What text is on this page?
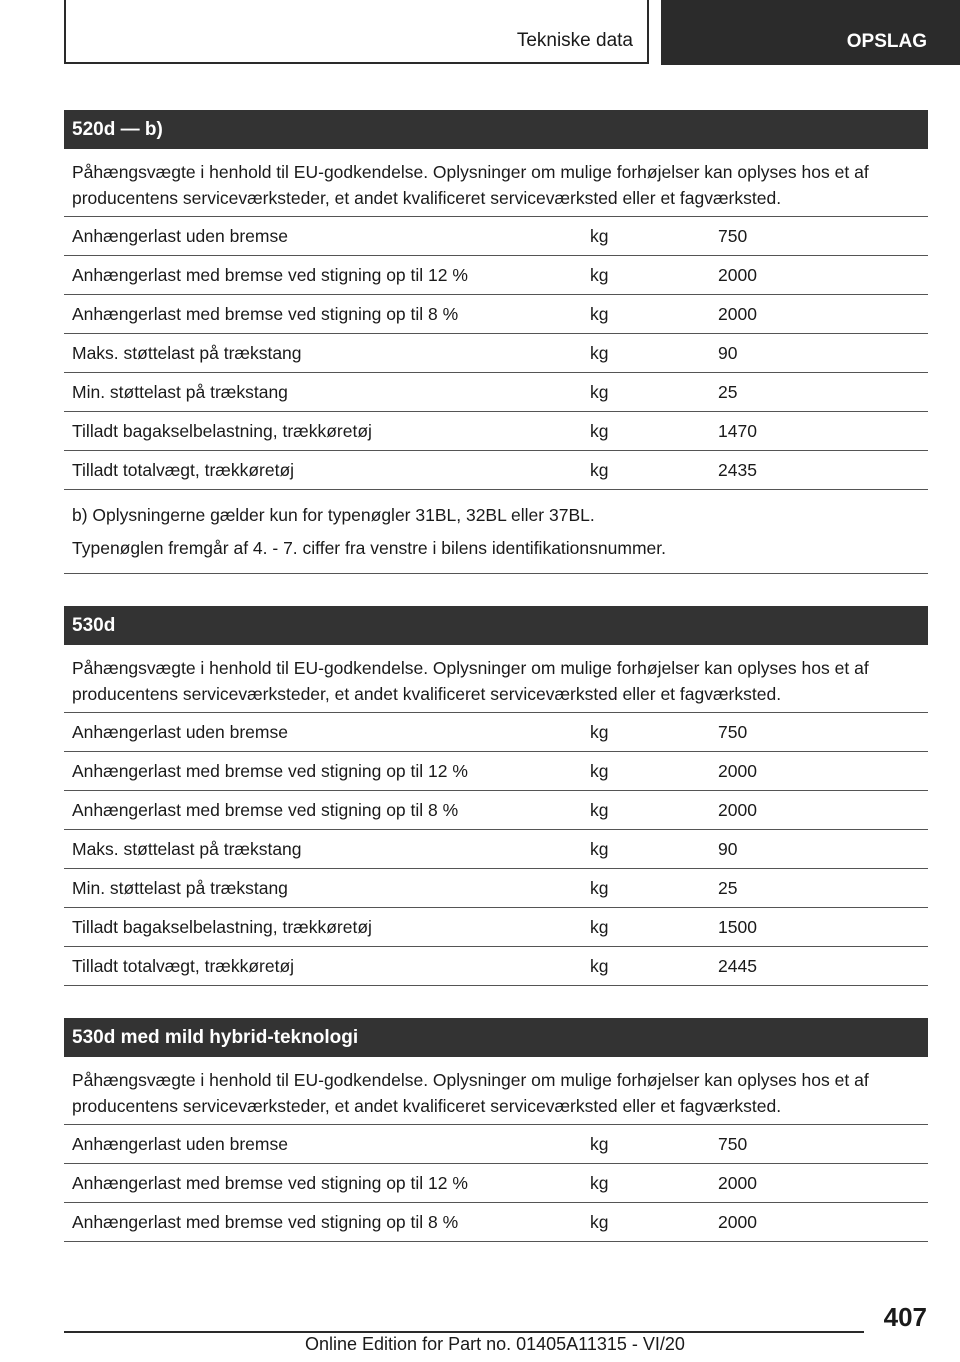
Tekniske data	OPSLAG
520d — b)
Påhængsvægte i henhold til EU-godkendelse. Oplysninger om mulige forhøjelser kan oplyses hos et af producentens serviceværksteder, et andet kvalificeret serviceværksted eller et fagværksted.
Anhængerlast uden bremse	kg	750
Anhængerlast med bremse ved stigning op til 12 %	kg	2000
Anhængerlast med bremse ved stigning op til 8 %	kg	2000
Maks. støttelast på trækstang	kg	90
Min. støttelast på trækstang	kg	25
Tilladt bagakselbelastning, trækkøretøj	kg	1470
Tilladt totalvægt, trækkøretøj	kg	2435
b) Oplysningerne gælder kun for typenøgler 31BL, 32BL eller 37BL.
Typenøglen fremgår af 4. - 7. ciffer fra venstre i bilens identifikationsnummer.
530d
Påhængsvægte i henhold til EU-godkendelse. Oplysninger om mulige forhøjelser kan oplyses hos et af producentens serviceværksteder, et andet kvalificeret serviceværksted eller et fagværksted.
Anhængerlast uden bremse	kg	750
Anhængerlast med bremse ved stigning op til 12 %	kg	2000
Anhængerlast med bremse ved stigning op til 8 %	kg	2000
Maks. støttelast på trækstang	kg	90
Min. støttelast på trækstang	kg	25
Tilladt bagakselbelastning, trækkøretøj	kg	1500
Tilladt totalvægt, trækkøretøj	kg	2445
530d med mild hybrid-teknologi
Påhængsvægte i henhold til EU-godkendelse. Oplysninger om mulige forhøjelser kan oplyses hos et af producentens serviceværksteder, et andet kvalificeret serviceværksted eller et fagværksted.
Anhængerlast uden bremse	kg	750
Anhængerlast med bremse ved stigning op til 12 %	kg	2000
Anhængerlast med bremse ved stigning op til 8 %	kg	2000
407
Online Edition for Part no. 01405A11315 - VI/20
